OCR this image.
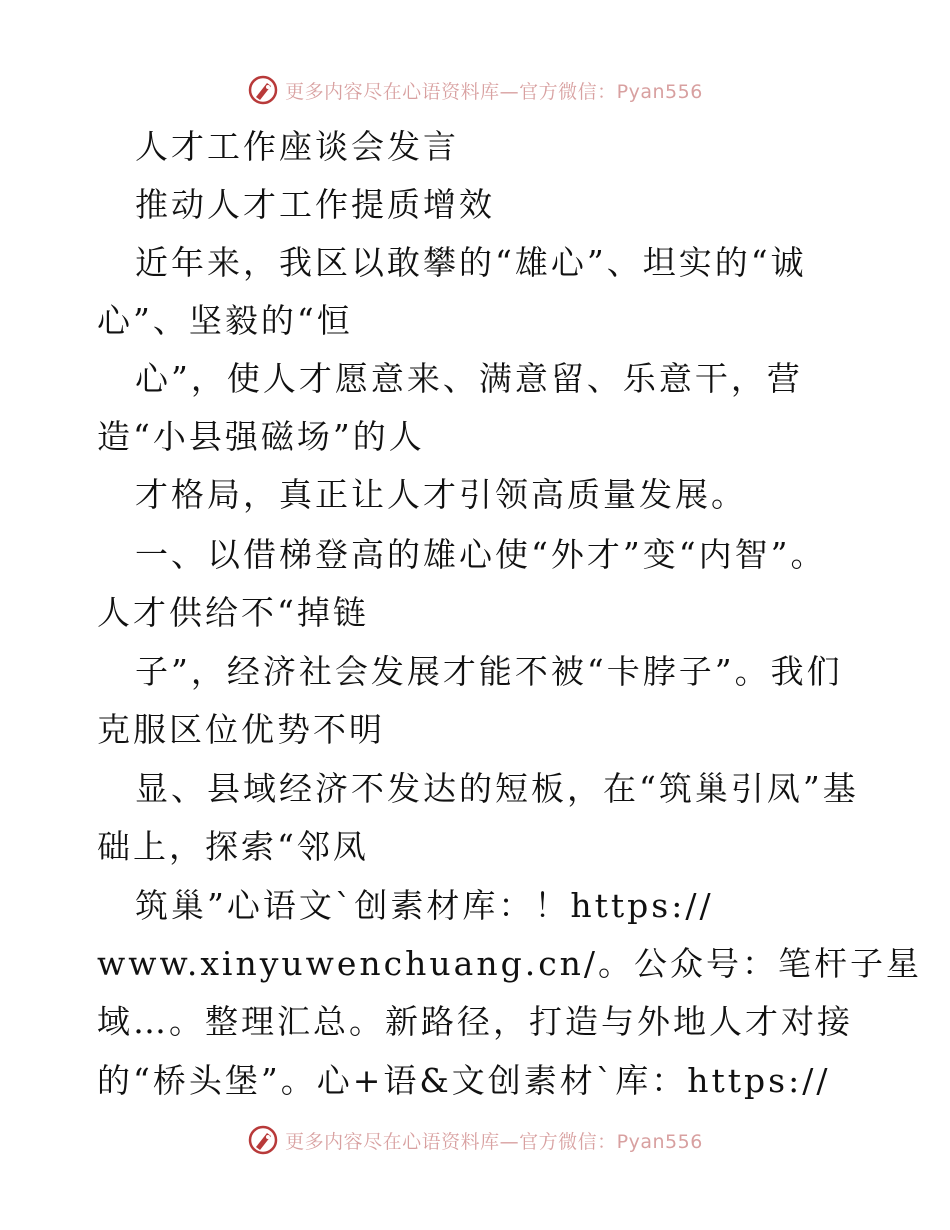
更多内容尽在心语资料库—官方微信：Pyan556
人才工作座谈会发言
推动人才工作提质增效
近年来，我区以敢攀的“雄心”、坦实的“诚
心”、坚毅的“恒
心”，使人才愿意来、满意留、乐意干，营
造“小县强磁场”的人
才格局，真正让人才引领高质量发展。
一、以借梯登高的雄心使“外才”变“内智”。
人才供给不“掉链
子”，经济社会发展才能不被“卡脖子”。我们
克服区位优势不明
显、县域经济不发达的短板，在“筑巢引凤”基
础上，探索“邻凤
筑巢”心语文`创素材库：！https://
www.xinyuwenchuang.cn/。公众号：笔杆子星
域…。整理汇总。新路径，打造与外地人才对接
的“桥头堡”。心+语&文创素材`库：https://
更多内容尽在心语资料库—官方微信：Pyan556
